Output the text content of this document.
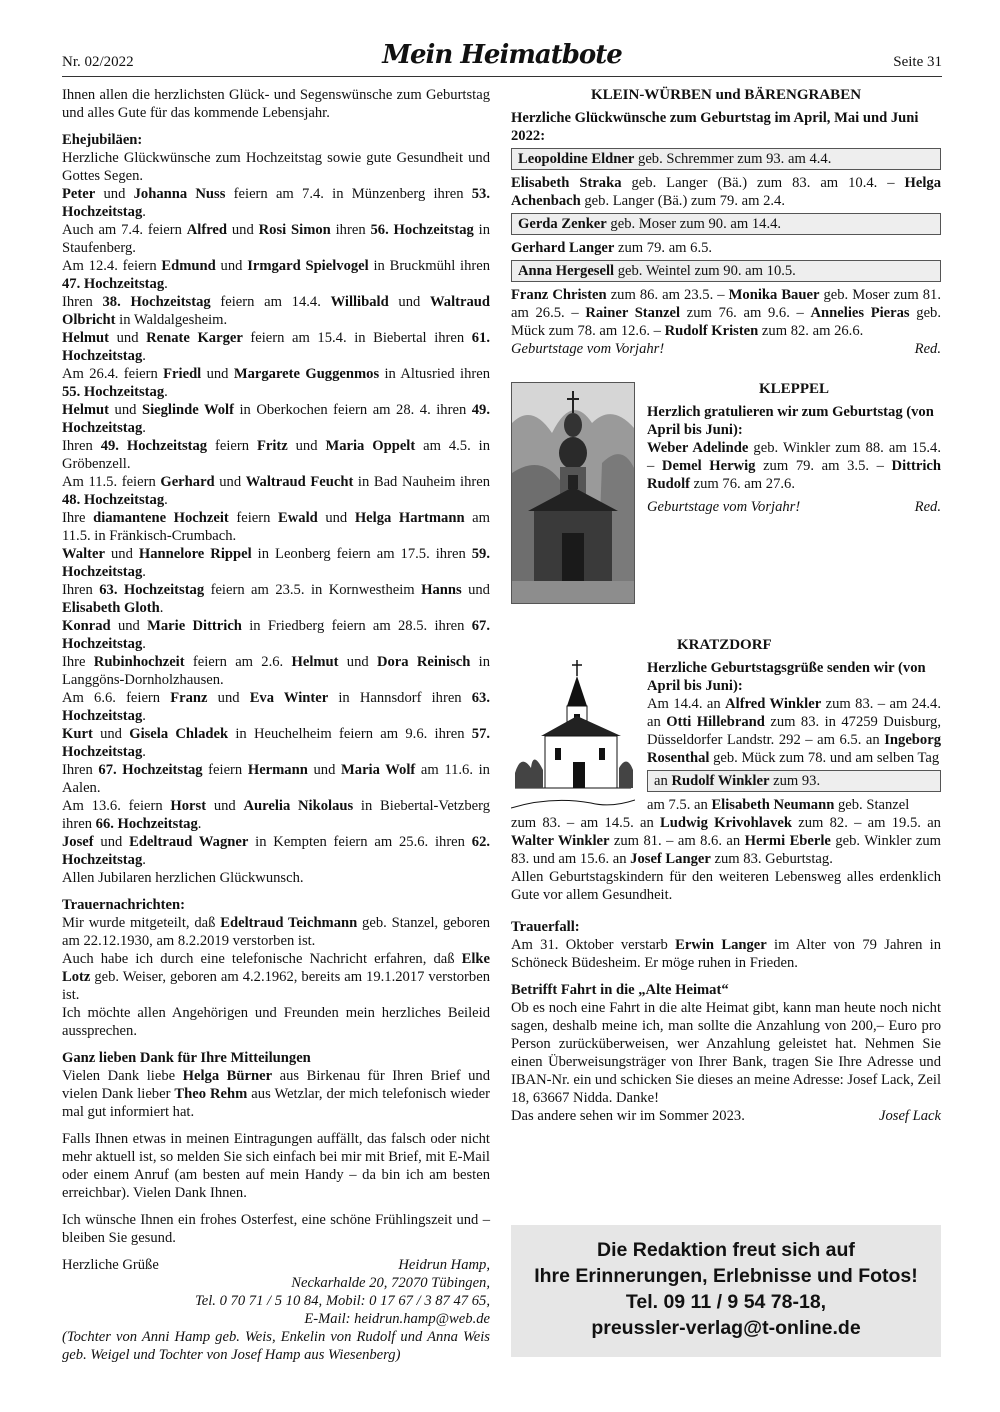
Nr. 02/2022	Mein Heimatbote	Seite 31

Ihnen allen die herzlichsten Glück- und Segenswünsche zum Geburtstag und alles Gute für das kommende Lebensjahr.

Ehejubiläen:

Herzliche Glückwünsche zum Hochzeitstag sowie gute Gesundheit und Gottes Segen.

Peter und Johanna Nuss feiern am 7.4. in Münzenberg ihren 53. Hochzeitstag.

Auch am 7.4. feiern Alfred und Rosi Simon ihren 56. Hochzeitstag in Staufenberg.

Am 12.4. feiern Edmund und Irmgard Spielvogel in Bruckmühl ihren 47. Hochzeitstag.

Ihren 38. Hochzeitstag feiern am 14.4. Willibald und Waltraud Olbricht in Waldalgesheim.

Helmut und Renate Karger feiern am 15.4. in Biebertal ihren 61. Hochzeitstag.

Am 26.4. feiern Friedl und Margarete Guggenmos in Altusried ihren 55. Hochzeitstag.

Helmut und Sieglinde Wolf in Oberkochen feiern am 28. 4. ihren 49. Hochzeitstag.

Ihren 49. Hochzeitstag feiern Fritz und Maria Oppelt am 4.5. in Gröbenzell.

Am 11.5. feiern Gerhard und Waltraud Feucht in Bad Nauheim ihren 48. Hochzeitstag.

Ihre diamantene Hochzeit feiern Ewald und Helga Hartmann am 11.5. in Fränkisch-Crumbach.

Walter und Hannelore Rippel in Leonberg feiern am 17.5. ihren 59. Hochzeitstag.

Ihren 63. Hochzeitstag feiern am 23.5. in Kornwestheim Hanns und Elisabeth Gloth.

Konrad und Marie Dittrich in Friedberg feiern am 28.5. ihren 67. Hochzeitstag.

Ihre Rubinhochzeit feiern am 2.6. Helmut und Dora Reinisch in Langgöns-Dornholzhausen.

Am 6.6. feiern Franz und Eva Winter in Hannsdorf ihren 63. Hochzeitstag.

Kurt und Gisela Chladek in Heuchelheim feiern am 9.6. ihren 57. Hochzeitstag.

Ihren 67. Hochzeitstag feiern Hermann und Maria Wolf am 11.6. in Aalen.

Am 13.6. feiern Horst und Aurelia Nikolaus in Biebertal-Vetzberg ihren 66. Hochzeitstag.

Josef und Edeltraud Wagner in Kempten feiern am 25.6. ihren 62. Hochzeitstag.

Allen Jubilaren herzlichen Glückwunsch.

Trauernachrichten:

Mir wurde mitgeteilt, daß Edeltraud Teichmann geb. Stanzel, geboren am 22.12.1930, am 8.2.2019 verstorben ist.

Auch habe ich durch eine telefonische Nachricht erfahren, daß Elke Lotz geb. Weiser, geboren am 4.2.1962, bereits am 19.1.2017 verstorben ist.

Ich möchte allen Angehörigen und Freunden mein herzliches Beileid aussprechen.

Ganz lieben Dank für Ihre Mitteilungen

Vielen Dank liebe Helga Bürner aus Birkenau für Ihren Brief und vielen Dank lieber Theo Rehm aus Wetzlar, der mich telefonisch wieder mal gut informiert hat.

Falls Ihnen etwas in meinen Eintragungen auffällt, das falsch oder nicht mehr aktuell ist, so melden Sie sich einfach bei mir mit Brief, mit E-Mail oder einem Anruf (am besten auf mein Handy – da bin ich am besten erreichbar). Vielen Dank Ihnen.

Ich wünsche Ihnen ein frohes Osterfest, eine schöne Frühlingszeit und – bleiben Sie gesund.

Herzliche Grüße	Heidrun Hamp,

Neckarhalde 20, 72070 Tübingen,

Tel. 0 70 71 / 5 10 84, Mobil: 0 17 67 / 3 87 47 65,

E-Mail: heidrun.hamp@web.de

(Tochter von Anni Hamp geb. Weis, Enkelin von Rudolf und Anna Weis geb. Weigel und Tochter von Josef Hamp aus Wiesenberg)

KLEIN-WÜRBEN und BÄRENGRABEN

Herzliche Glückwünsche zum Geburtstag im April, Mai und Juni 2022:

Leopoldine Eldner geb. Schremmer zum 93. am 4.4.

Elisabeth Straka geb. Langer (Bä.) zum 83. am 10.4. – Helga Achenbach geb. Langer (Bä.) zum 79. am 2.4.

Gerda Zenker geb. Moser zum 90. am 14.4.

Gerhard Langer zum 79. am 6.5.

Anna Hergesell geb. Weintel zum 90. am 10.5.

Franz Christen zum 86. am 23.5. – Monika Bauer geb. Moser zum 81. am 26.5. – Rainer Stanzel zum 76. am 9.6. – Annelies Pieras geb. Mück zum 78. am 12.6. – Rudolf Kristen zum 82. am 26.6.

Geburtstage vom Vorjahr!	Red.
KLEPPEL

Herzlich gratulieren wir zum Geburtstag (von April bis Juni):

Weber Adelinde geb. Winkler zum 88. am 15.4. – Demel Herwig zum 79. am 3.5. – Dittrich Rudolf zum 76. am 27.6.

Geburtstage vom Vorjahr!	Red.
KRATZDORF

Herzliche Geburtstagsgrüße senden wir (von April bis Juni):

Am 14.4. an Alfred Winkler zum 83. – am 24.4. an Otti Hillebrand zum 83. in 47259 Duisburg, Düsseldorfer Landstr. 292 – am 6.5. an Ingeborg Rosenthal geb. Mück zum 78. und am selben Tag

an Rudolf Winkler zum 93.

am 7.5. an Elisabeth Neumann geb. Stanzel

zum 83. – am 14.5. an Ludwig Krivohlavek zum 82. – am 19.5. an Walter Winkler zum 81. – am 8.6. an Hermi Eberle geb. Winkler zum 83. und am 15.6. an Josef Langer zum 83. Geburtstag.

Allen Geburtstagskindern für den weiteren Lebensweg alles erdenklich Gute vor allem Gesundheit.

Trauerfall:

Am 31. Oktober verstarb Erwin Langer im Alter von 79 Jahren in Schöneck Büdesheim. Er möge ruhen in Frieden.

Betrifft Fahrt in die „Alte Heimat“

Ob es noch eine Fahrt in die alte Heimat gibt, kann man heute noch nicht sagen, deshalb meine ich, man sollte die Anzahlung von 200,– Euro pro Person zurücküberweisen, wer Anzahlung geleistet hat. Nehmen Sie einen Überweisungsträger von Ihrer Bank, tragen Sie Ihre Adresse und IBAN-Nr. ein und schicken Sie dieses an meine Adresse: Josef Lack, Zeil 18, 63667 Nidda. Danke!

Das andere sehen wir im Sommer 2023.	Josef Lack
Die Redaktion freut sich auf
Ihre Erinnerungen, Erlebnisse und Fotos!
Tel. 09 11 / 9 54 78-18,
preussler-verlag@t-online.de
